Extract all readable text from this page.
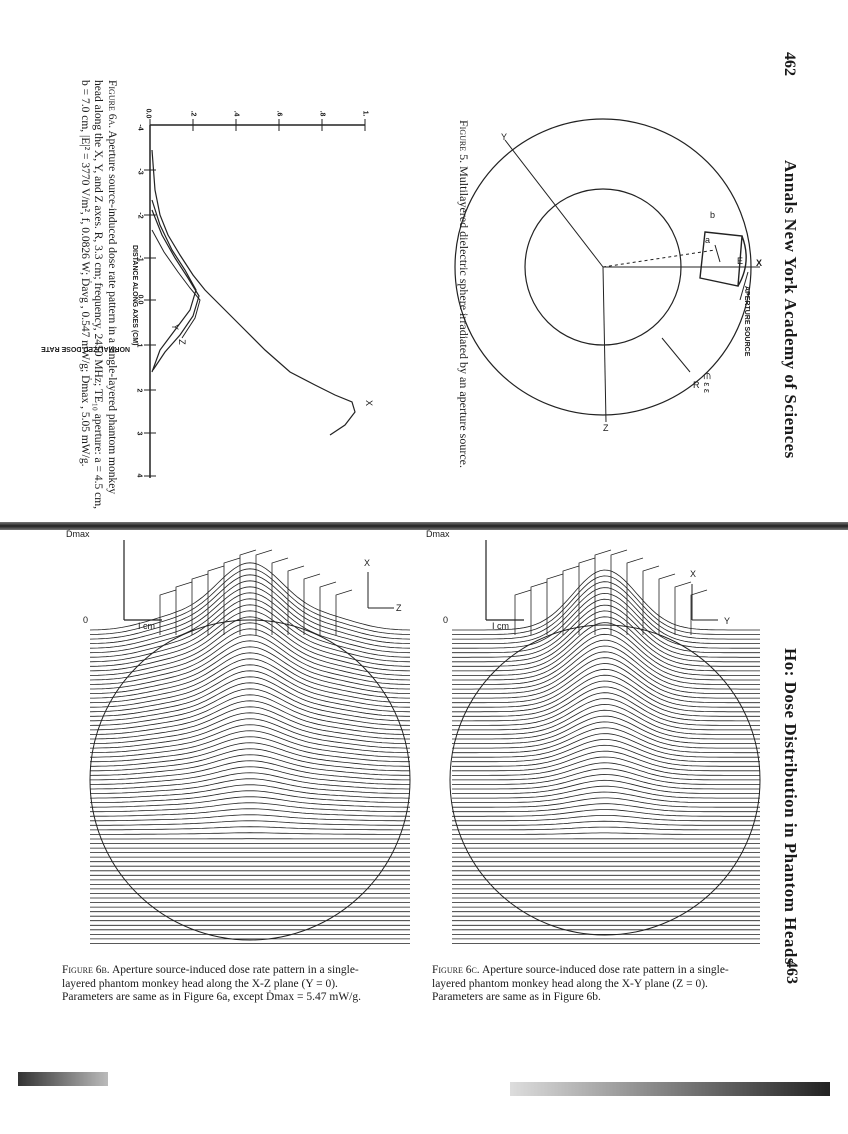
462
Annals New York Academy of Sciences
APERTURE SOURCE
X
Y
Z
a
b
E
R ∈ ε ε
Figure 5. Multilayered dielectric sphere irradiated by an aperture source.
NORMALIZED DOSE RATE
DISTANCE ALONG AXES (CM)
0.0	.2	.4	.6	.8	1.
-4
-3
-2
-1
0.0
1
2
3
4
X
Y
Z
Figure 6a. Aperture source-induced dose rate pattern in a single-layered phantom monkey
head along the X, Y, and Z axes. R, 3.3 cm; frequency, 2450 MHz; TE₁₀ aperture: a = 4.5 cm,
b = 7.0 cm, |E|² = 3770 V/m², f, 0.0826 W; Ḋavg , 0.547 mW/g; Ḋmax , 5.05 mW/g.
Ho: Dose Distribution in Phantom Heads
463
Ḋmax
0
I cm
X
Z
Figure 6b. Aperture source-induced dose rate pattern in a single-
layered phantom monkey head along the X-Z plane (Y = 0).
Parameters are same as in Figure 6a, except Ḋmax = 5.47 mW/g.
Ḋmax
0
I cm
X
Y
Figure 6c. Aperture source-induced dose rate pattern in a single-
layered phantom monkey head along the X-Y plane (Z = 0).
Parameters are same as in Figure 6b.
